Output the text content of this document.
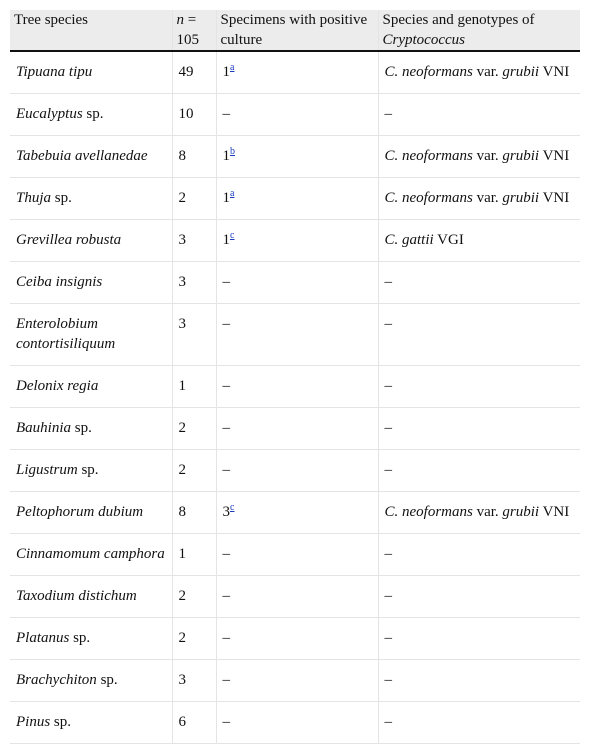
Tree species	n = 105	Specimens with positive culture	Species and genotypes of Cryptococcus
Tipuana tipu	49	1$^a$	C. neoformans var. grubii VNI
Eucalyptus sp.	10	–	–
Tabebuia avellanedae	8	1$^b$	C. neoformans var. grubii VNI
Thuja sp.	2	1$^a$	C. neoformans var. grubii VNI
Grevillea robusta	3	1$^c$	C. gattii VGI
Ceiba insignis	3	–	–
Enterolobium contortisiliquum	3	–	–
Delonix regia	1	–	–
Bauhinia sp.	2	–	–
Ligustrum sp.	2	–	–
Peltophorum dubium	8	3$^c$	C. neoformans var. grubii VNI
Cinnamomum camphora	1	–	–
Taxodium distichum	2	–	–
Platanus sp.	2	–	–
Brachychiton sp.	3	–	–
Pinus sp.	6	–	–
